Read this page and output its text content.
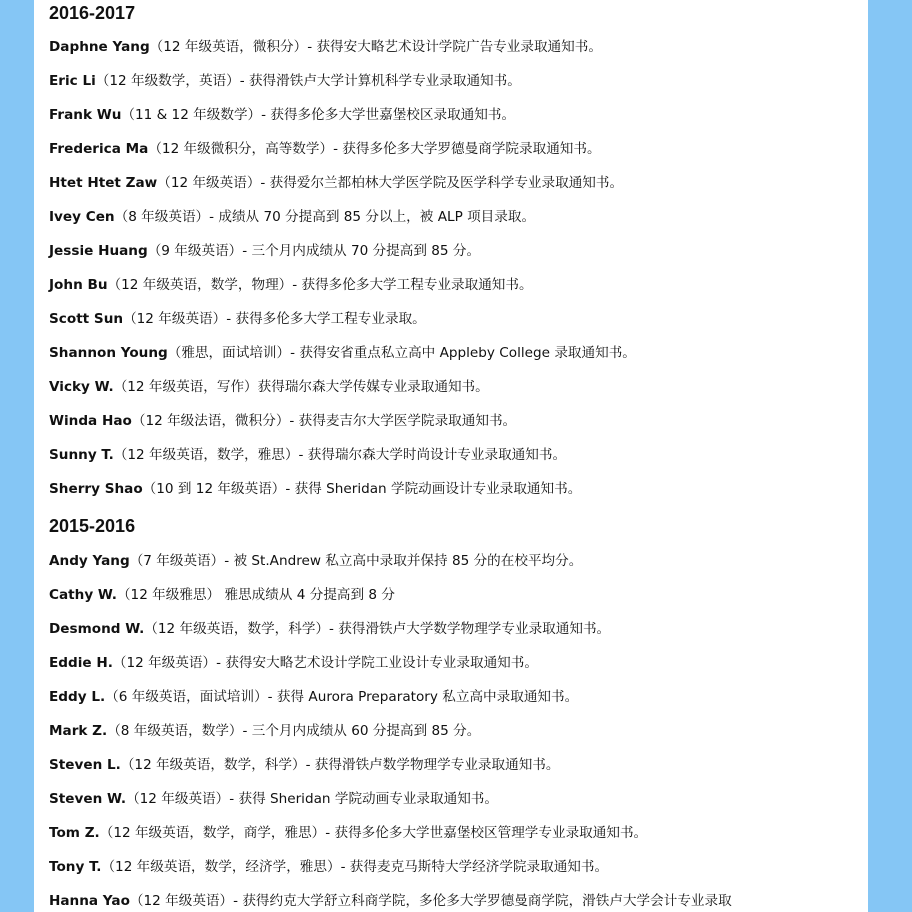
2016-2017
Daphne Yang（12 年级英语，微积分）- 获得安大略艺术设计学院广告专业录取通知书。
Eric Li（12 年级数学，英语）- 获得滑铁卢大学计算机科学专业录取通知书。
Frank Wu（11 & 12 年级数学）- 获得多伦多大学世嘉堡校区录取通知书。
Frederica Ma（12 年级微积分，高等数学）- 获得多伦多大学罗德曼商学院录取通知书。
Htet Htet Zaw（12 年级英语）- 获得爱尔兰都柏林大学医学院及医学科学专业录取通知书。
Ivey Cen（8 年级英语）- 成绩从 70 分提高到 85 分以上，被 ALP 项目录取。
Jessie Huang（9 年级英语）- 三个月内成绩从 70 分提高到 85 分。
John Bu（12 年级英语，数学，物理）- 获得多伦多大学工程专业录取通知书。
Scott Sun（12 年级英语）- 获得多伦多大学工程专业录取。
Shannon Young（雅思，面试培训）- 获得安省重点私立高中 Appleby College 录取通知书。
Vicky W.（12 年级英语，写作）获得瑞尔森大学传媒专业录取通知书。
Winda Hao（12 年级法语，微积分）- 获得麦吉尔大学医学院录取通知书。
Sunny T.（12 年级英语，数学，雅思）- 获得瑞尔森大学时尚设计专业录取通知书。
Sherry Shao（10 到 12 年级英语）- 获得 Sheridan 学院动画设计专业录取通知书。
2015-2016
Andy Yang（7 年级英语）- 被 St.Andrew 私立高中录取并保持 85 分的在校平均分。
Cathy W.（12 年级雅思） 雅思成绩从 4 分提高到 8 分
Desmond W.（12 年级英语，数学，科学）- 获得滑铁卢大学数学物理学专业录取通知书。
Eddie H.（12 年级英语）- 获得安大略艺术设计学院工业设计专业录取通知书。
Eddy L.（6 年级英语，面试培训）- 获得 Aurora Preparatory 私立高中录取通知书。
Mark Z.（8 年级英语，数学）- 三个月内成绩从 60 分提高到 85 分。
Steven L.（12 年级英语，数学，科学）- 获得滑铁卢数学物理学专业录取通知书。
Steven W.（12 年级英语）- 获得 Sheridan 学院动画专业录取通知书。
Tom Z.（12 年级英语，数学，商学，雅思）- 获得多伦多大学世嘉堡校区管理学专业录取通知书。
Tony T.（12 年级英语，数学，经济学，雅思）- 获得麦克马斯特大学经济学院录取通知书。
Hanna Yao（12 年级英语）- 获得约克大学舒立科商学院，多伦多大学罗德曼商学院，滑铁卢大学会计专业录取
